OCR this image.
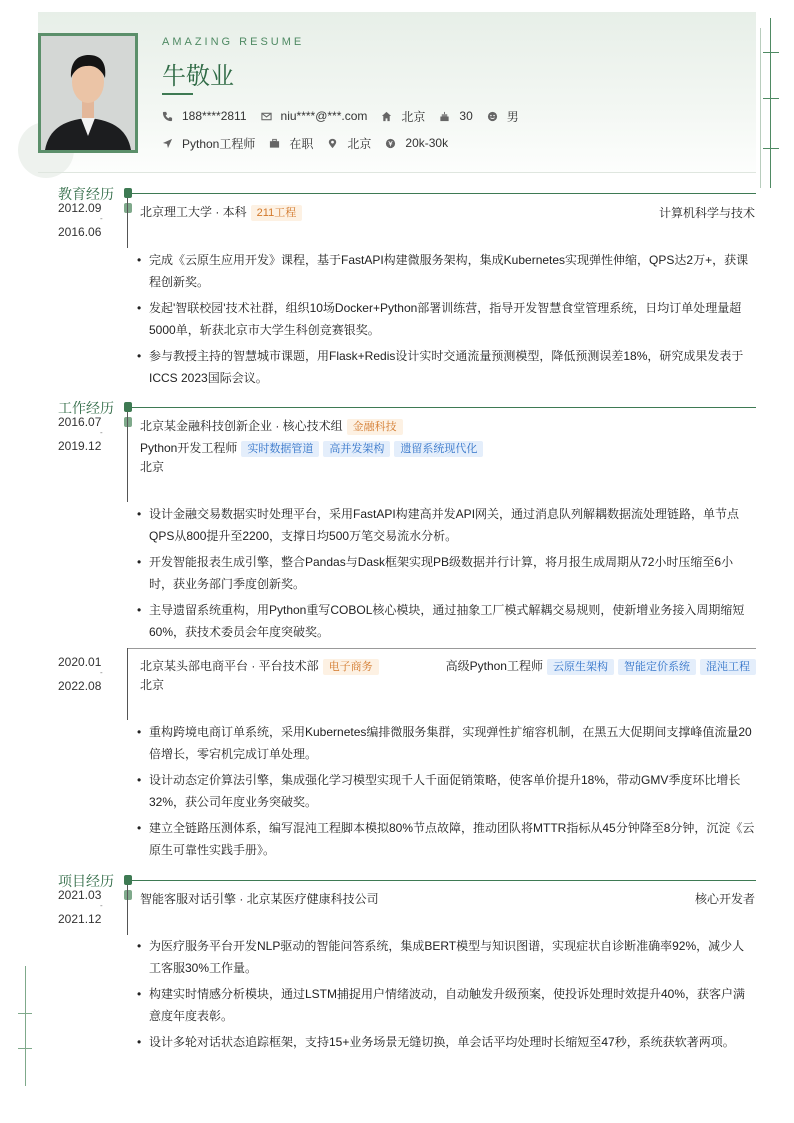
AMAZING RESUME
牛敬业
188****2811	niu****@***.com	北京	30	男
Python工程师	在职	北京	20k-30k
教育经历
2012.09
-
2016.06
北京理工大学 · 本科 211工程	计算机科学与技术
• 完成《云原生应用开发》课程，基于FastAPI构建微服务架构，集成Kubernetes实现弹性伸缩，QPS达2万+，获课程创新奖。
• 发起'智联校园'技术社群，组织10场Docker+Python部署训练营，指导开发智慧食堂管理系统，日均订单处理量超5000单，斩获北京市大学生科创竞赛银奖。
• 参与教授主持的智慧城市课题，用Flask+Redis设计实时交通流量预测模型，降低预测误差18%，研究成果发表于ICCS 2023国际会议。
工作经历
2016.07
-
2019.12
北京某金融科技创新企业 · 核心技术组 金融科技
Python开发工程师 实时数据管道 高并发架构 遗留系统现代化
北京
• 设计金融交易数据实时处理平台，采用FastAPI构建高并发API网关，通过消息队列解耦数据流处理链路，单节点QPS从800提升至2200，支撑日均500万笔交易流水分析。
• 开发智能报表生成引擎，整合Pandas与Dask框架实现PB级数据并行计算，将月报生成周期从72小时压缩至6小时，获业务部门季度创新奖。
• 主导遗留系统重构，用Python重写COBOL核心模块，通过抽象工厂模式解耦交易规则，使新增业务接入周期缩短60%，获技术委员会年度突破奖。
2020.01
-
2022.08
北京某头部电商平台 · 平台技术部 电子商务	高级Python工程师 云原生架构 智能定价系统 混沌工程
北京
• 重构跨境电商订单系统，采用Kubernetes编排微服务集群，实现弹性扩缩容机制，在黑五大促期间支撑峰值流量20倍增长，零宕机完成订单处理。
• 设计动态定价算法引擎，集成强化学习模型实现千人千面促销策略，使客单价提升18%，带动GMV季度环比增长32%，获公司年度业务突破奖。
• 建立全链路压测体系，编写混沌工程脚本模拟80%节点故障，推动团队将MTTR指标从45分钟降至8分钟，沉淀《云原生可靠性实践手册》。
项目经历
2021.03
-
2021.12
智能客服对话引擎 · 北京某医疗健康科技公司	核心开发者
• 为医疗服务平台开发NLP驱动的智能问答系统，集成BERT模型与知识图谱，实现症状自诊断准确率92%，减少人工客服30%工作量。
• 构建实时情感分析模块，通过LSTM捕捉用户情绪波动，自动触发升级预案，使投诉处理时效提升40%，获客户满意度年度表彰。
• 设计多轮对话状态追踪框架，支持15+业务场景无缝切换，单会话平均处理时长缩短至47秒，系统获软著两项。
